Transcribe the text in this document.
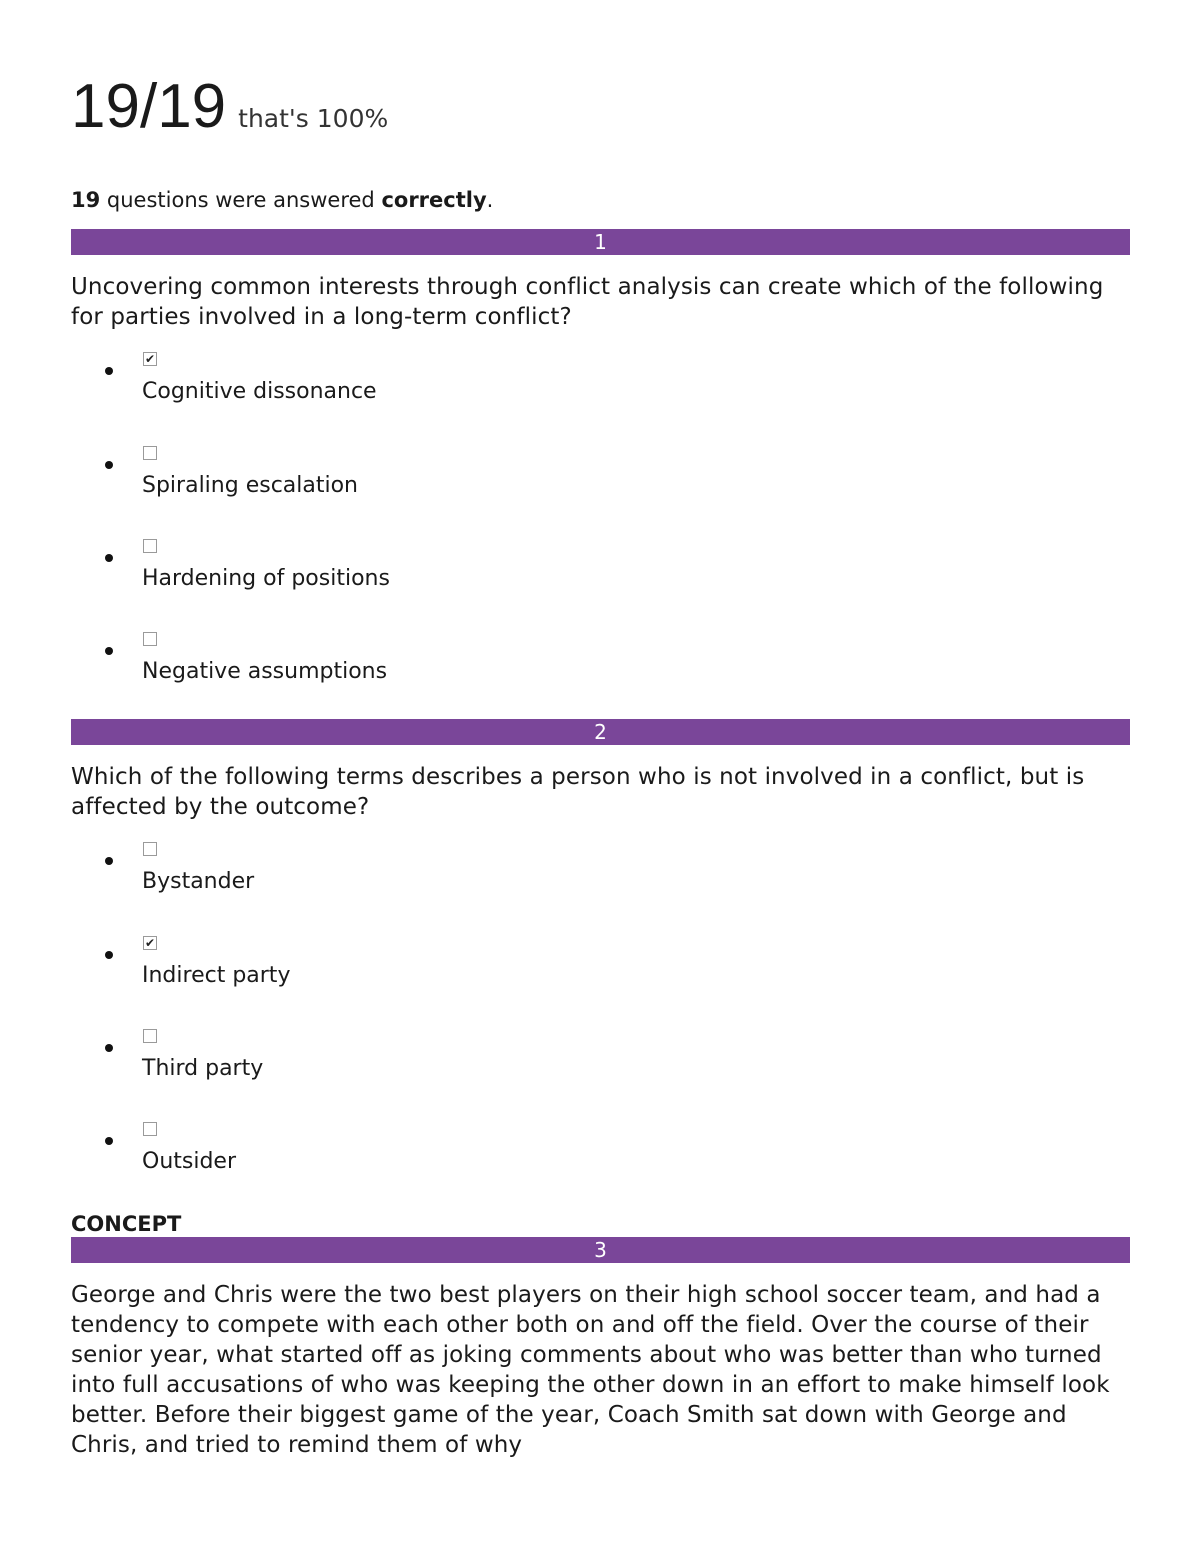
19/19 that's 100%
19 questions were answered correctly.
1
Uncovering common interests through conflict analysis can create which of the following for parties involved in a long-term conflict?
✔
Cognitive dissonance
Spiraling escalation
Hardening of positions
Negative assumptions
2
Which of the following terms describes a person who is not involved in a conflict, but is affected by the outcome?
Bystander
✔
Indirect party
Third party
Outsider
CONCEPT
3
George and Chris were the two best players on their high school soccer team, and had a tendency to compete with each other both on and off the field. Over the course of their senior year, what started off as joking comments about who was better than who turned into full accusations of who was keeping the other down in an effort to make himself look better. Before their biggest game of the year, Coach Smith sat down with George and Chris, and tried to remind them of why
